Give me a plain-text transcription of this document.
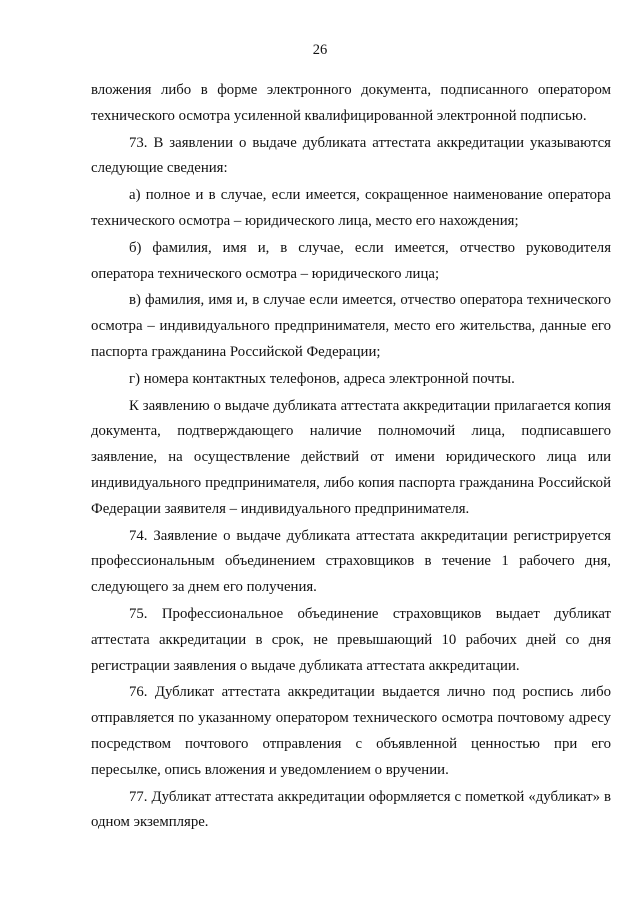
26

вложения либо в форме электронного документа, подписанного оператором технического осмотра усиленной квалифицированной электронной подписью.

73. В заявлении о выдаче дубликата аттестата аккредитации указываются следующие сведения:

а) полное и в случае, если имеется, сокращенное наименование оператора технического осмотра – юридического лица, место его нахождения;

б) фамилия, имя и, в случае, если имеется, отчество руководителя оператора технического осмотра – юридического лица;

в) фамилия, имя и, в случае если имеется, отчество оператора технического осмотра – индивидуального предпринимателя, место его жительства, данные его паспорта гражданина Российской Федерации;

г) номера контактных телефонов, адреса электронной почты.

К заявлению о выдаче дубликата аттестата аккредитации прилагается копия документа, подтверждающего наличие полномочий лица, подписавшего заявление, на осуществление действий от имени юридического лица или индивидуального предпринимателя, либо копия паспорта гражданина Российской Федерации заявителя – индивидуального предпринимателя.

74. Заявление о выдаче дубликата аттестата аккредитации регистрируется профессиональным объединением страховщиков в течение 1 рабочего дня, следующего за днем его получения.

75. Профессиональное объединение страховщиков выдает дубликат аттестата аккредитации в срок, не превышающий 10 рабочих дней со дня регистрации заявления о выдаче дубликата аттестата аккредитации.

76. Дубликат аттестата аккредитации выдается лично под роспись либо отправляется по указанному оператором технического осмотра почтовому адресу посредством почтового отправления с объявленной ценностью при его пересылке, опись вложения и уведомлением о вручении.

77. Дубликат аттестата аккредитации оформляется с пометкой «дубликат» в одном экземпляре.
